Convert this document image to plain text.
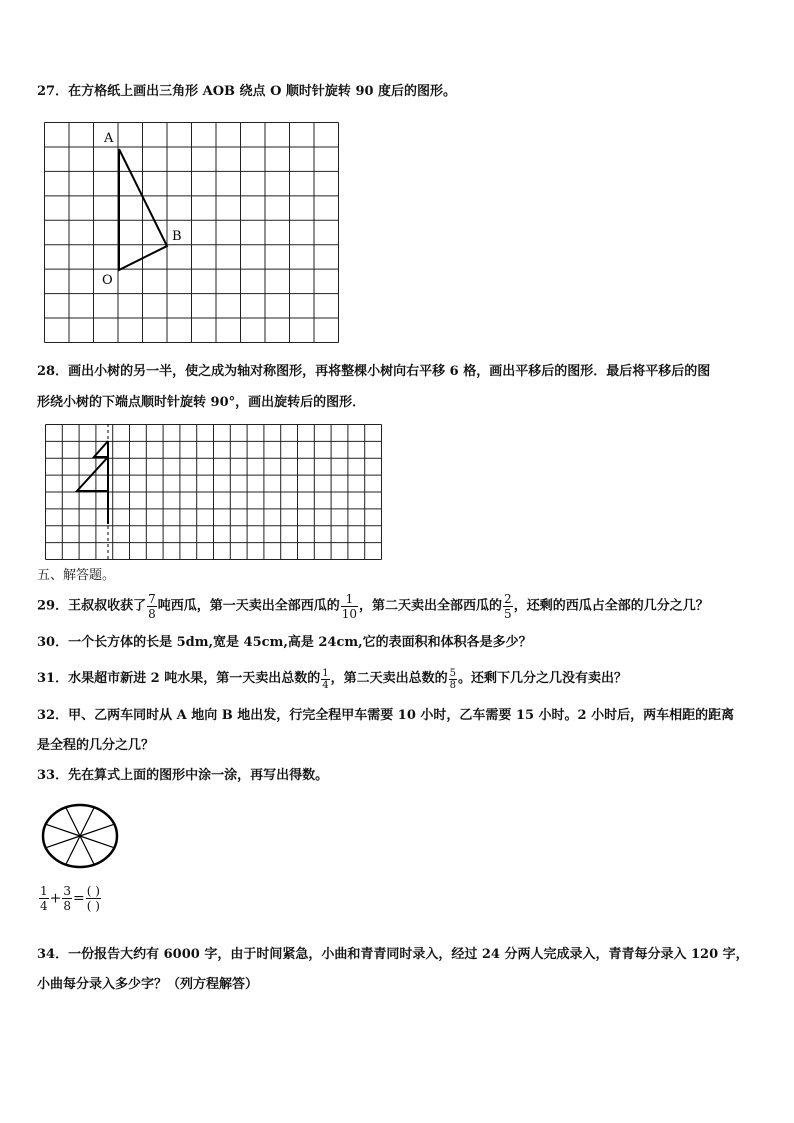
27．在方格纸上画出三角形 AOB 绕点 O 顺时针旋转 90 度后的图形。
A
B
O
28．画出小树的另一半，使之成为轴对称图形，再将整棵小树向右平移 6 格，画出平移后的图形．最后将平移后的图
形绕小树的下端点顺时针旋转 90°，画出旋转后的图形．
五、解答题。
29．王叔叔收获了 $\frac{7}{8}$ 吨西瓜，第一天卖出全部西瓜的 $\frac{1}{10}$ ，第二天卖出全部西瓜的 $\frac{2}{5}$ ，还剩的西瓜占全部的几分之几？
30．一个长方体的长是 5dm,宽是 45cm,高是 24cm,它的表面积和体积各是多少？
31．水果超市新进 2 吨水果，第一天卖出总数的 $\frac{1}{4}$ ，第二天卖出总数的 $\frac{5}{8}$ 。还剩下几分之几没有卖出？
32．甲、乙两车同时从 A 地向 B 地出发，行完全程甲车需要 10 小时，乙车需要 15 小时。2 小时后，两车相距的距离
是全程的几分之几？
33．先在算式上面的图形中涂一涂，再写出得数。
$\frac{1}{4} + \frac{3}{8} = \frac{( )}{( )}$
34．一份报告大约有 6000 字，由于时间紧急，小曲和青青同时录入，经过 24 分两人完成录入，青青每分录入 120 字，
小曲每分录入多少字？（列方程解答）
